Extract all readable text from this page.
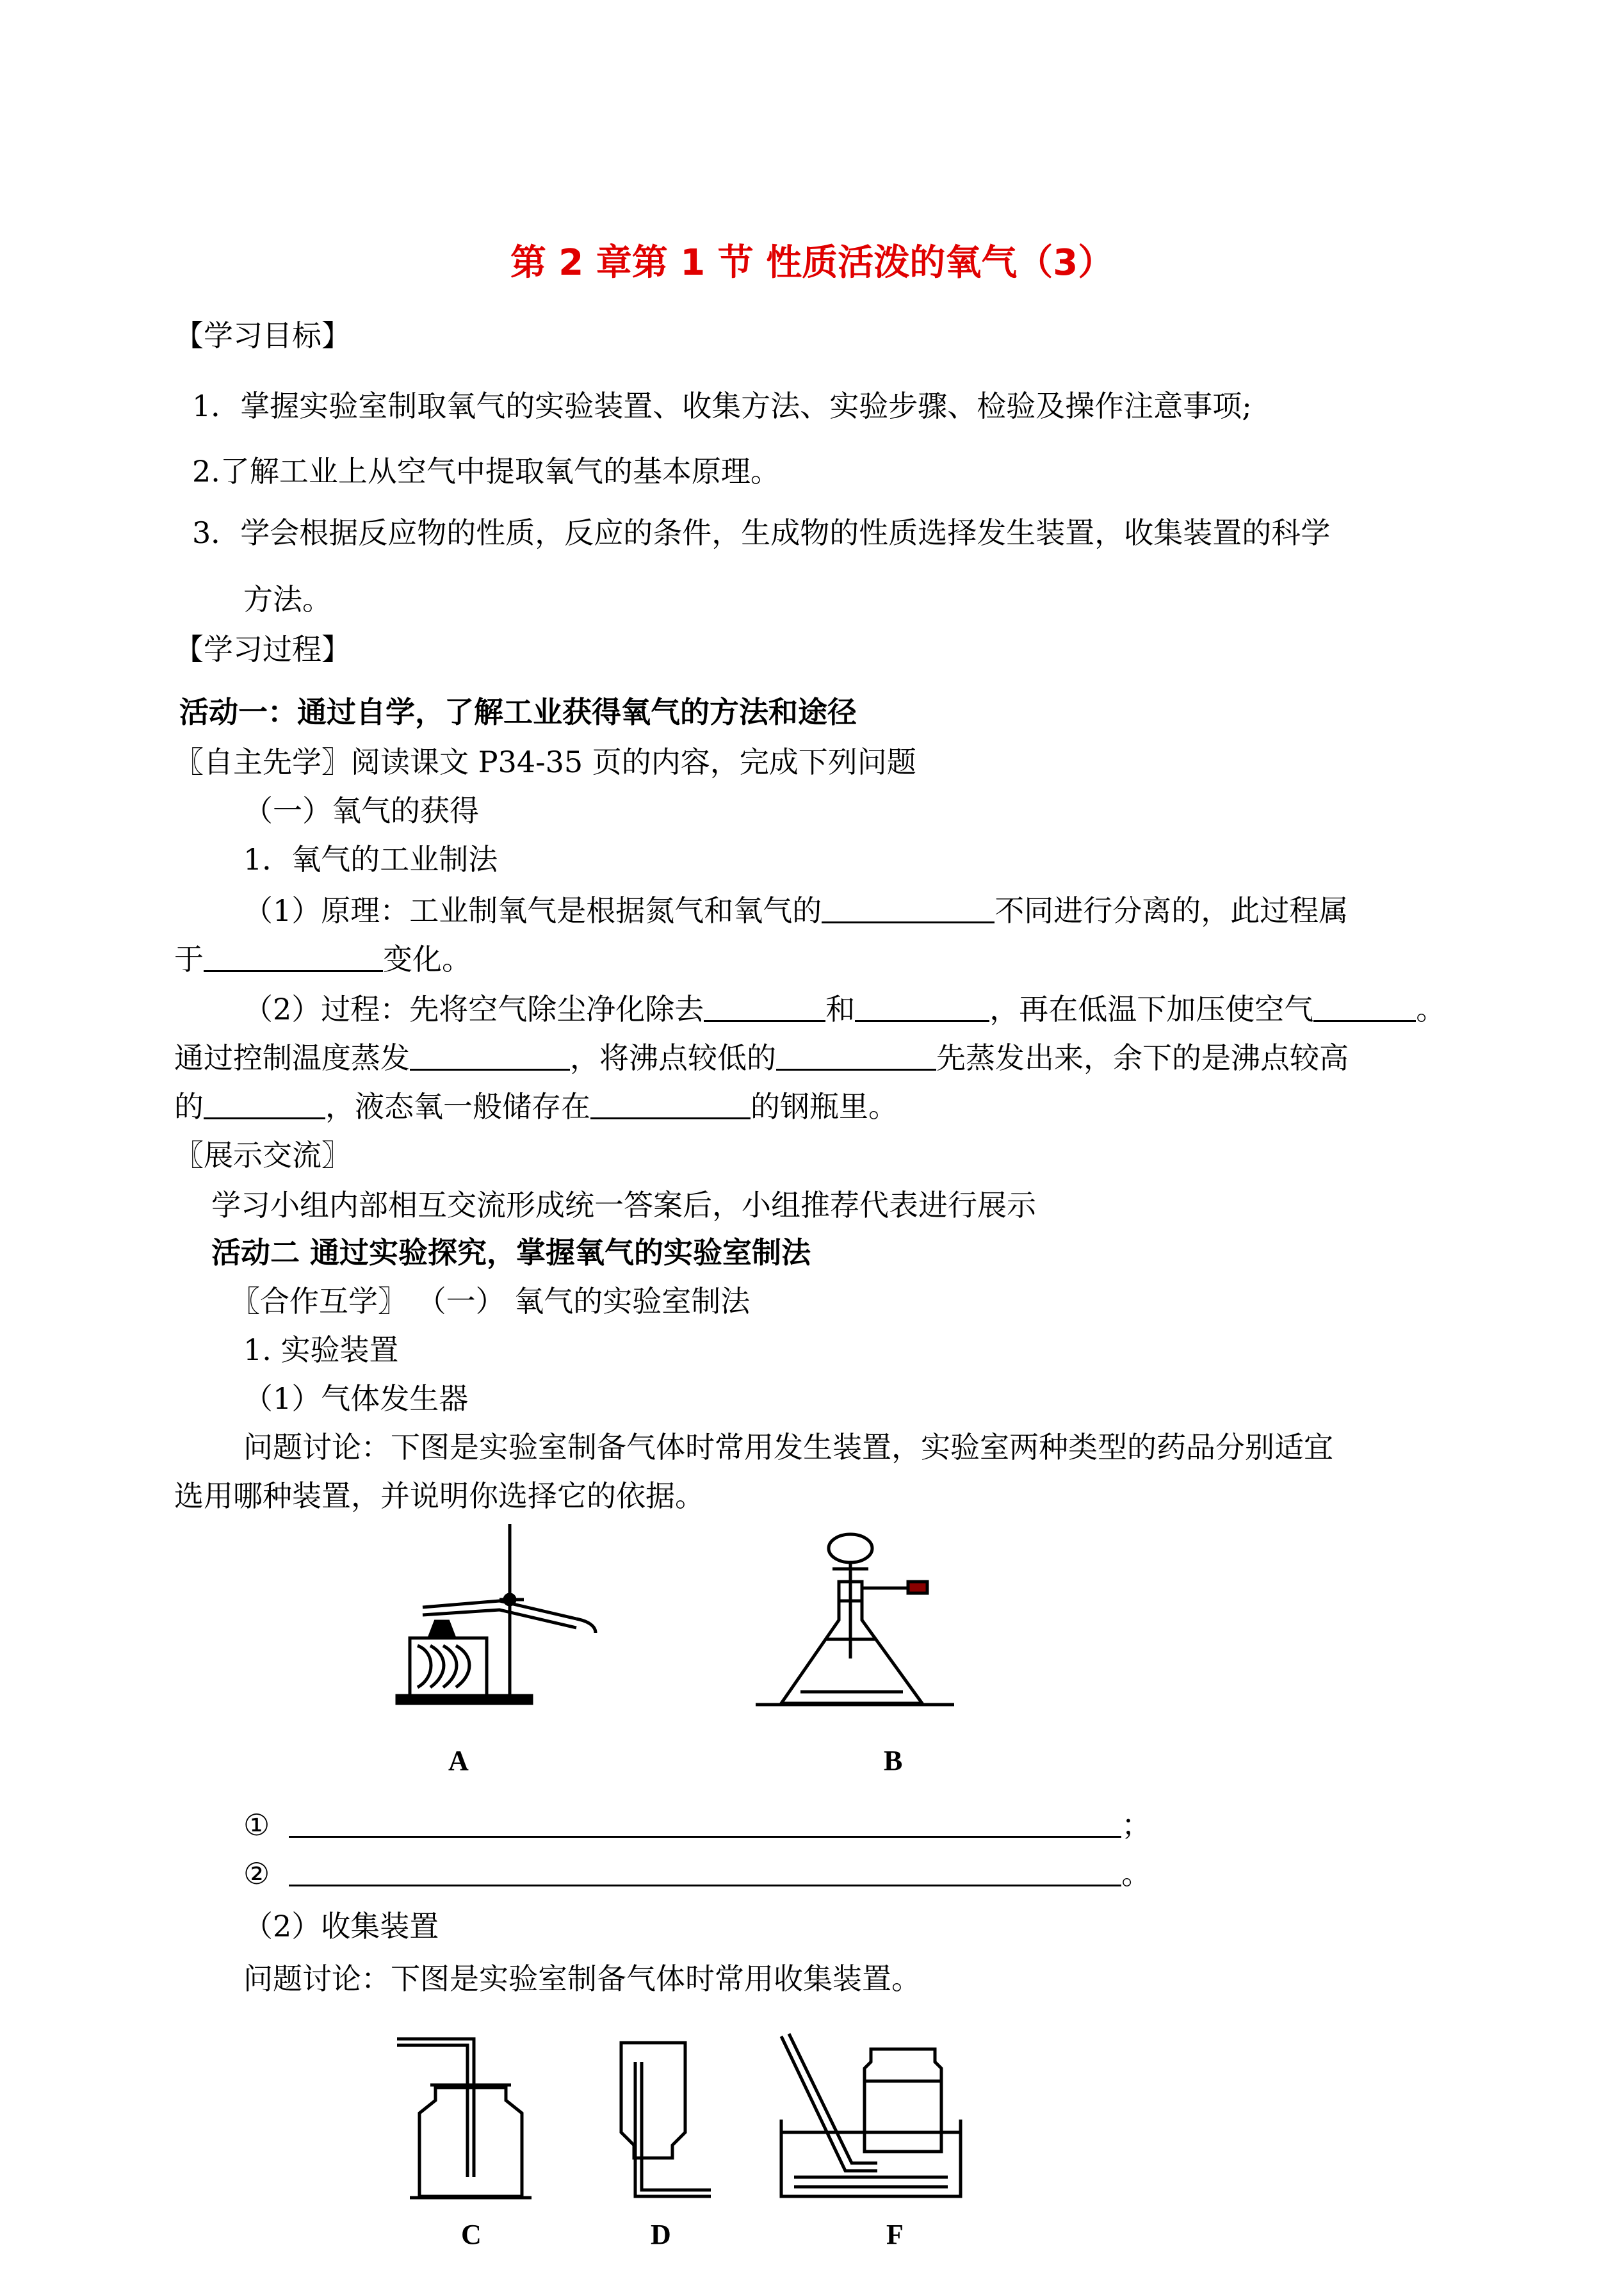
第 2 章第 1 节 性质活泼的氧气（3）
【学习目标】
1．掌握实验室制取氧气的实验装置、收集方法、实验步骤、检验及操作注意事项;
2.了解工业上从空气中提取氧气的基本原理。
3．学会根据反应物的性质，反应的条件，生成物的性质选择发生装置，收集装置的科学
方法。
【学习过程】
活动一：通过自学，了解工业获得氧气的方法和途径
〖自主先学〗阅读课文 P34-35 页的内容，完成下列问题
（一）氧气的获得
1．氧气的工业制法
（1）原理：工业制氧气是根据氮气和氧气的	不同进行分离的，此过程属
于	变化。
（2）过程：先将空气除尘净化除去	和	，再在低温下加压使空气	。
通过控制温度蒸发	，将沸点较低的	先蒸发出来，余下的是沸点较高
的	，液态氧一般储存在	的钢瓶里。
〖展示交流〗
学习小组内部相互交流形成统一答案后，小组推荐代表进行展示
活动二 通过实验探究，掌握氧气的实验室制法
〖合作互学〗 （一） 氧气的实验室制法
1. 实验装置
（1）气体发生器
问题讨论：下图是实验室制备气体时常用发生装置，实验室两种类型的药品分别适宜
选用哪种装置，并说明你选择它的依据。
A	B
①	；
②	。
（2）收集装置
问题讨论：下图是实验室制备气体时常用收集装置。
C	D	F
